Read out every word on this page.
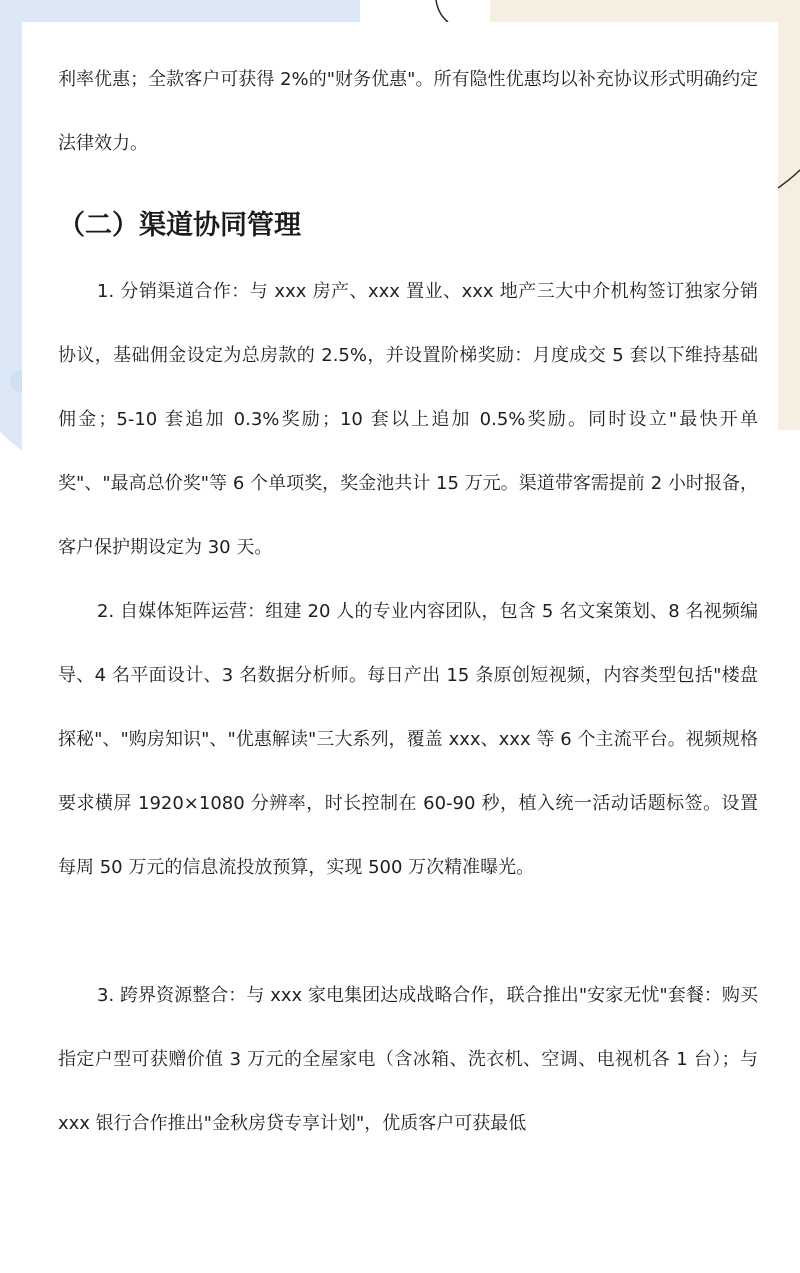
利率优惠；全款客户可获得 2%的"财务优惠"。所有隐性优惠均以补充协议形式明确约定法律效力。

（二）渠道协同管理

1. 分销渠道合作：与 xxx 房产、xxx 置业、xxx 地产三大中介机构签订独家分销协议，基础佣金设定为总房款的 2.5%，并设置阶梯奖励：月度成交 5 套以下维持基础佣金；5-10 套追加 0.3%奖励；10 套以上追加 0.5%奖励。同时设立"最快开单奖"、"最高总价奖"等 6 个单项奖，奖金池共计 15 万元。渠道带客需提前 2 小时报备，客户保护期设定为 30 天。

2. 自媒体矩阵运营：组建 20 人的专业内容团队，包含 5 名文案策划、8 名视频编导、4 名平面设计、3 名数据分析师。每日产出 15 条原创短视频，内容类型包括"楼盘探秘"、"购房知识"、"优惠解读"三大系列，覆盖 xxx、xxx 等 6 个主流平台。视频规格要求横屏 1920×1080 分辨率，时长控制在 60-90 秒，植入统一活动话题标签。设置每周 50 万元的信息流投放预算，实现 500 万次精准曝光。

3. 跨界资源整合：与 xxx 家电集团达成战略合作，联合推出"安家无忧"套餐：购买指定户型可获赠价值 3 万元的全屋家电（含冰箱、洗衣机、空调、电视机各 1 台）；与 xxx 银行合作推出"金秋房贷专享计划"，优质客户可获最低
